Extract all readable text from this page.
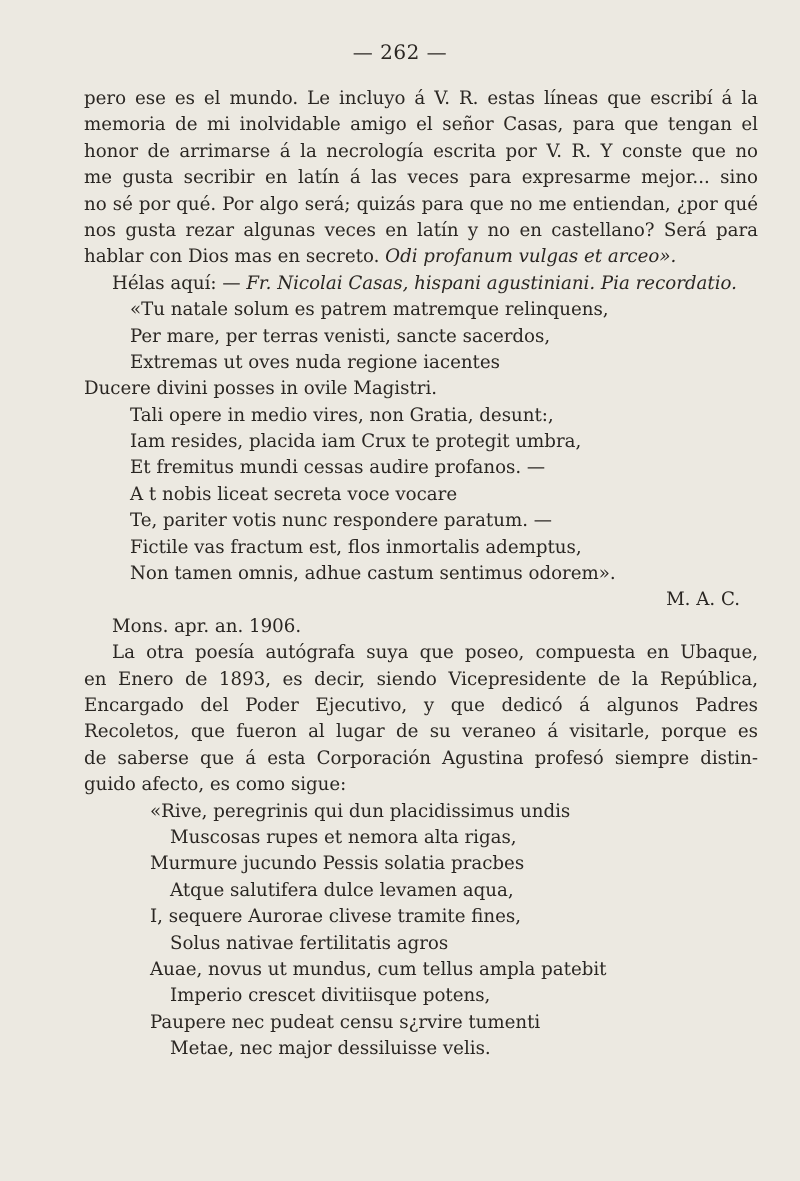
— 262 —
pero ese es el mundo. Le incluyo á V. R. estas líneas que escribí á la
memoria de mi inolvidable amigo el señor Casas, para que tengan el
honor de arrimarse á la necrología escrita por V. R. Y conste que no
me gusta secribir en latín á las veces para expresarme mejor... sino
no sé por qué. Por algo será; quizás para que no me entiendan, ¿por qué
nos gusta rezar algunas veces en latín y no en castellano? Será para
hablar con Dios mas en secreto. Odi profanum vulgas et arceo».
Hélas aquí: — Fr. Nicolai Casas, hispani agustiniani. Pia recordatio.
«Tu natale solum es patrem matremque relinquens,
Per mare, per terras venisti, sancte sacerdos,
Extremas ut oves nuda regione iacentes
Ducere divini posses in ovile Magistri.
Tali opere in medio vires, non Gratia, desunt:,
Iam resides, placida iam Crux te protegit umbra,
Et fremitus mundi cessas audire profanos. —
A t nobis liceat secreta voce vocare
Te, pariter votis nunc respondere paratum. —
Fictile vas fractum est, flos inmortalis ademptus,
Non tamen omnis, adhue castum sentimus odorem».
M. A. C.
Mons. apr. an. 1906.
La otra poesía autógrafa suya que poseo, compuesta en Ubaque,
en Enero de 1893, es decir, siendo Vicepresidente de la República,
Encargado del Poder Ejecutivo, y que dedicó á algunos Padres
Recoletos, que fueron al lugar de su veraneo á visitarle, porque es
de saberse que á esta Corporación Agustina profesó siempre distin-
guido afecto, es como sigue:
«Rive, peregrinis qui dun placidissimus undis
Muscosas rupes et nemora alta rigas,
Murmure jucundo Pessis solatia pracbes
Atque salutifera dulce levamen aqua,
I, sequere Aurorae clivese tramite fines,
Solus nativae fertilitatis agros
Auae, novus ut mundus, cum tellus ampla patebit
Imperio crescet divitiisque potens,
Paupere nec pudeat censu s¿rvire tumenti
Metae, nec major dessiluisse velis.
